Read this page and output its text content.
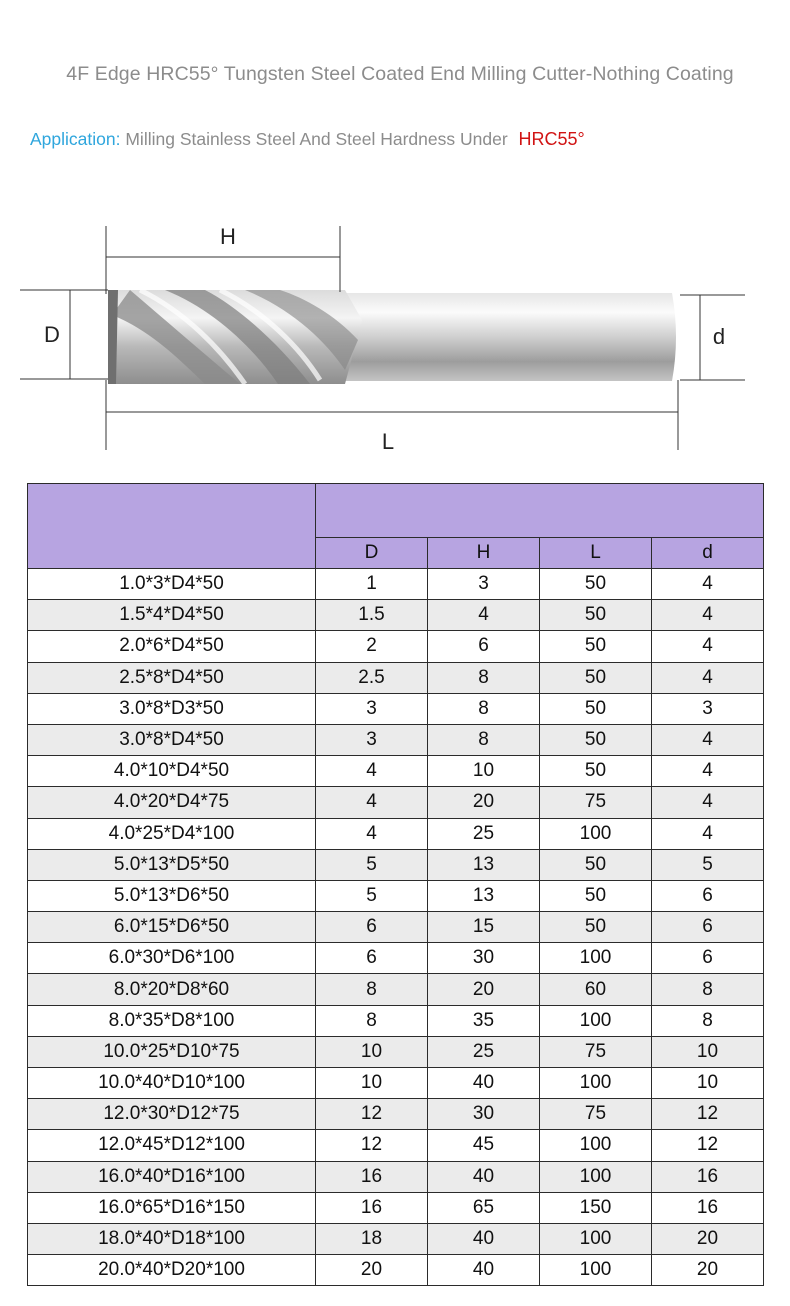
4F Edge HRC55° Tungsten Steel Coated End Milling Cutter-Nothing Coating
Application: Milling Stainless Steel And Steel Hardness Under HRC55°
H
D	d
L

	D	H	L	d
1.0*3*D4*50	1	3	50	4
1.5*4*D4*50	1.5	4	50	4
2.0*6*D4*50	2	6	50	4
2.5*8*D4*50	2.5	8	50	4
3.0*8*D3*50	3	8	50	3
3.0*8*D4*50	3	8	50	4
4.0*10*D4*50	4	10	50	4
4.0*20*D4*75	4	20	75	4
4.0*25*D4*100	4	25	100	4
5.0*13*D5*50	5	13	50	5
5.0*13*D6*50	5	13	50	6
6.0*15*D6*50	6	15	50	6
6.0*30*D6*100	6	30	100	6
8.0*20*D8*60	8	20	60	8
8.0*35*D8*100	8	35	100	8
10.0*25*D10*75	10	25	75	10
10.0*40*D10*100	10	40	100	10
12.0*30*D12*75	12	30	75	12
12.0*45*D12*100	12	45	100	12
16.0*40*D16*100	16	40	100	16
16.0*65*D16*150	16	65	150	16
18.0*40*D18*100	18	40	100	20
20.0*40*D20*100	20	40	100	20
